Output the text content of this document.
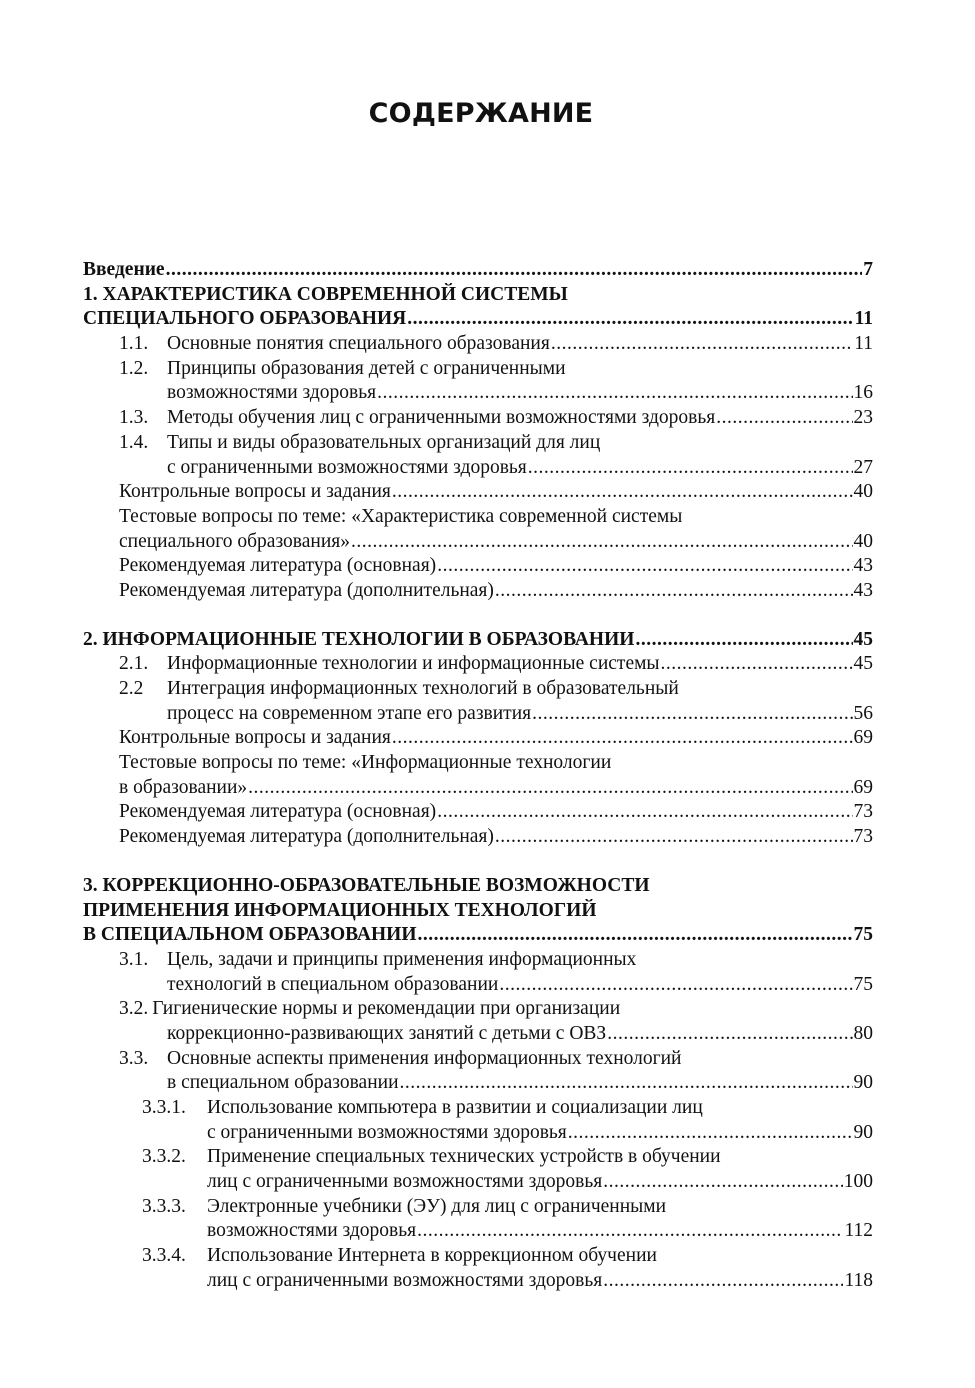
СОДЕРЖАНИЕ
Введение .....	7
1. ХАРАКТЕРИСТИКА СОВРЕМЕННОЙ СИСТЕМЫ
СПЕЦИАЛЬНОГО ОБРАЗОВАНИЯ .....	11
1.1. Основные понятия специального образования .....	11
1.2. Принципы образования детей с ограниченными
возможностями здоровья .....	16
1.3. Методы обучения лиц с ограниченными возможностями здоровья .....	23
1.4. Типы и виды образовательных организаций для лиц
с ограниченными возможностями здоровья .....	27
Контрольные вопросы и задания .....	40
Тестовые вопросы по теме: «Характеристика современной системы
специального образования» .....	40
Рекомендуемая литература (основная) .....	43
Рекомендуемая литература (дополнительная) .....	43
2. ИНФОРМАЦИОННЫЕ ТЕХНОЛОГИИ В ОБРАЗОВАНИИ .....	45
2.1. Информационные технологии и информационные системы .....	45
2.2	Интеграция информационных технологий в образовательный
процесс на современном этапе его развития .....	56
Контрольные вопросы и задания .....	69
Тестовые вопросы по теме: «Информационные технологии
в образовании» .....	69
Рекомендуемая литература (основная) .....	73
Рекомендуемая литература (дополнительная) .....	73
3. КОРРЕКЦИОННО-ОБРАЗОВАТЕЛЬНЫЕ ВОЗМОЖНОСТИ
ПРИМЕНЕНИЯ ИНФОРМАЦИОННЫХ ТЕХНОЛОГИЙ
В СПЕЦИАЛЬНОМ ОБРАЗОВАНИИ .....	75
3.1. Цель, задачи и принципы применения информационных
технологий в специальном образовании .....	75
3.2. Гигиенические нормы и рекомендации при организации
коррекционно-развивающих занятий с детьми с ОВЗ .....	80
3.3. Основные аспекты применения информационных технологий
в специальном образовании .....	90
3.3.1.	Использование компьютера в развитии и социализации лиц
с ограниченными возможностями здоровья .....	90
3.3.2.	Применение специальных технических устройств в обучении
лиц с ограниченными возможностями здоровья .....	100
3.3.3.	Электронные учебники (ЭУ) для лиц с ограниченными
возможностями здоровья .....	112
3.3.4.	Использование Интернета в коррекционном обучении
лиц с ограниченными возможностями здоровья .....	118
